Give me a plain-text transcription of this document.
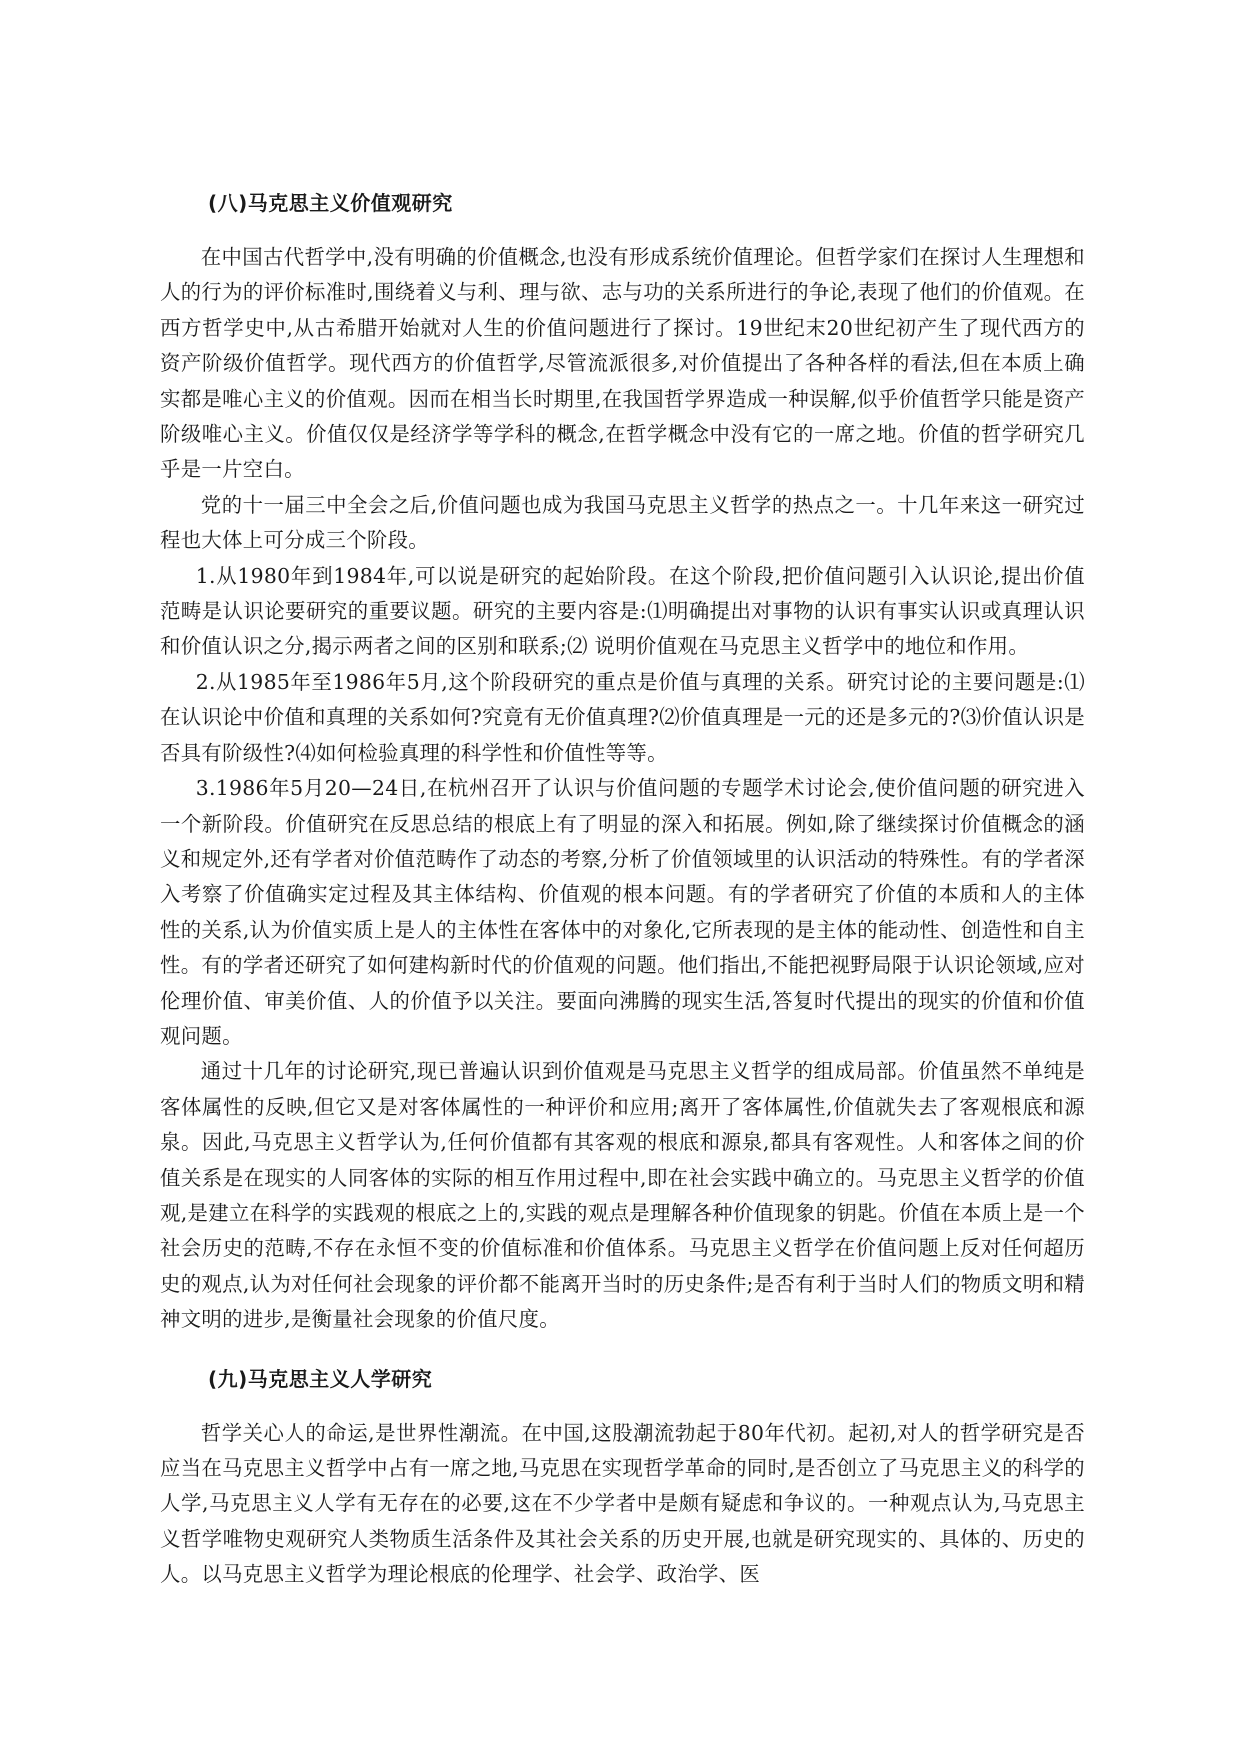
(八)马克思主义价值观研究

在中国古代哲学中,没有明确的价值概念,也没有形成系统价值理论。但哲学家们在探讨人生理想和人的行为的评价标准时,围绕着义与利、理与欲、志与功的关系所进行的争论,表现了他们的价值观。在西方哲学史中,从古希腊开始就对人生的价值问题进行了探讨。19世纪末20世纪初产生了现代西方的资产阶级价值哲学。现代西方的价值哲学,尽管流派很多,对价值提出了各种各样的看法,但在本质上确实都是唯心主义的价值观。因而在相当长时期里,在我国哲学界造成一种误解,似乎价值哲学只能是资产阶级唯心主义。价值仅仅是经济学等学科的概念,在哲学概念中没有它的一席之地。价值的哲学研究几乎是一片空白。

党的十一届三中全会之后,价值问题也成为我国马克思主义哲学的热点之一。十几年来这一研究过程也大体上可分成三个阶段。

1.从1980年到1984年,可以说是研究的起始阶段。在这个阶段,把价值问题引入认识论,提出价值范畴是认识论要研究的重要议题。研究的主要内容是:⑴明确提出对事物的认识有事实认识或真理认识和价值认识之分,揭示两者之间的区别和联系;⑵ 说明价值观在马克思主义哲学中的地位和作用。

2.从1985年至1986年5月,这个阶段研究的重点是价值与真理的关系。研究讨论的主要问题是:⑴在认识论中价值和真理的关系如何?究竟有无价值真理?⑵价值真理是一元的还是多元的?⑶价值认识是否具有阶级性?⑷如何检验真理的科学性和价值性等等。

3.1986年5月20—24日,在杭州召开了认识与价值问题的专题学术讨论会,使价值问题的研究进入一个新阶段。价值研究在反思总结的根底上有了明显的深入和拓展。例如,除了继续探讨价值概念的涵义和规定外,还有学者对价值范畴作了动态的考察,分析了价值领域里的认识活动的特殊性。有的学者深入考察了价值确实定过程及其主体结构、价值观的根本问题。有的学者研究了价值的本质和人的主体性的关系,认为价值实质上是人的主体性在客体中的对象化,它所表现的是主体的能动性、创造性和自主性。有的学者还研究了如何建构新时代的价值观的问题。他们指出,不能把视野局限于认识论领域,应对伦理价值、审美价值、人的价值予以关注。要面向沸腾的现实生活,答复时代提出的现实的价值和价值观问题。

通过十几年的讨论研究,现已普遍认识到价值观是马克思主义哲学的组成局部。价值虽然不单纯是客体属性的反映,但它又是对客体属性的一种评价和应用;离开了客体属性,价值就失去了客观根底和源泉。因此,马克思主义哲学认为,任何价值都有其客观的根底和源泉,都具有客观性。人和客体之间的价值关系是在现实的人同客体的实际的相互作用过程中,即在社会实践中确立的。马克思主义哲学的价值观,是建立在科学的实践观的根底之上的,实践的观点是理解各种价值现象的钥匙。价值在本质上是一个社会历史的范畴,不存在永恒不变的价值标准和价值体系。马克思主义哲学在价值问题上反对任何超历史的观点,认为对任何社会现象的评价都不能离开当时的历史条件;是否有利于当时人们的物质文明和精神文明的进步,是衡量社会现象的价值尺度。

(九)马克思主义人学研究

哲学关心人的命运,是世界性潮流。在中国,这股潮流勃起于80年代初。起初,对人的哲学研究是否应当在马克思主义哲学中占有一席之地,马克思在实现哲学革命的同时,是否创立了马克思主义的科学的人学,马克思主义人学有无存在的必要,这在不少学者中是颇有疑虑和争议的。一种观点认为,马克思主义哲学唯物史观研究人类物质生活条件及其社会关系的历史开展,也就是研究现实的、具体的、历史的人。以马克思主义哲学为理论根底的伦理学、社会学、政治学、医
